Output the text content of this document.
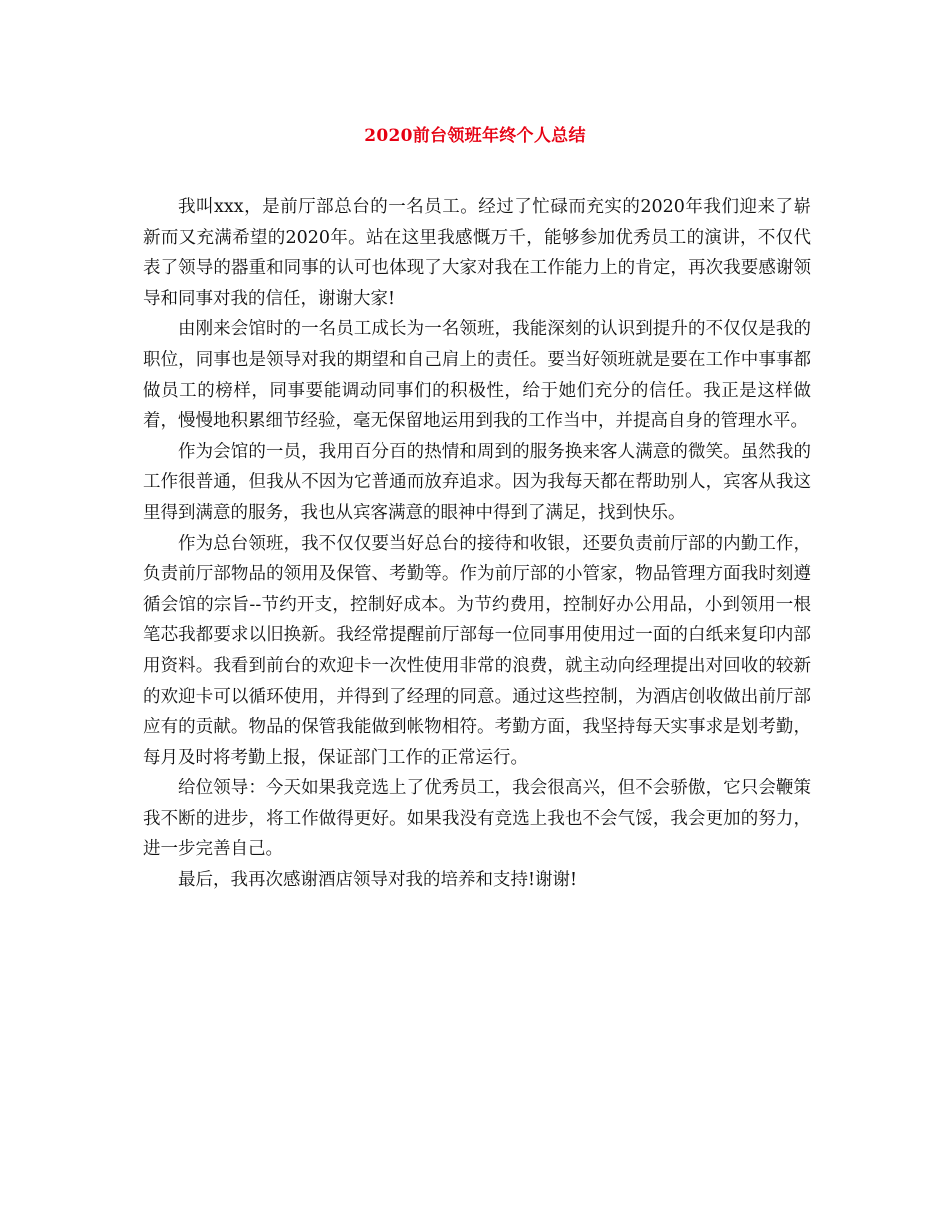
2020前台领班年终个人总结

我叫xxx，是前厅部总台的一名员工。经过了忙碌而充实的2020年我们迎来了崭新而又充满希望的2020年。站在这里我感慨万千，能够参加优秀员工的演讲，不仅代表了领导的器重和同事的认可也体现了大家对我在工作能力上的肯定，再次我要感谢领导和同事对我的信任，谢谢大家!

由刚来会馆时的一名员工成长为一名领班，我能深刻的认识到提升的不仅仅是我的职位，同事也是领导对我的期望和自己肩上的责任。要当好领班就是要在工作中事事都做员工的榜样，同事要能调动同事们的积极性，给于她们充分的信任。我正是这样做着，慢慢地积累细节经验，毫无保留地运用到我的工作当中，并提高自身的管理水平。

作为会馆的一员，我用百分百的热情和周到的服务换来客人满意的微笑。虽然我的工作很普通，但我从不因为它普通而放弃追求。因为我每天都在帮助别人，宾客从我这里得到满意的服务，我也从宾客满意的眼神中得到了满足，找到快乐。

作为总台领班，我不仅仅要当好总台的接待和收银，还要负责前厅部的内勤工作，负责前厅部物品的领用及保管、考勤等。作为前厅部的小管家，物品管理方面我时刻遵循会馆的宗旨--节约开支，控制好成本。为节约费用，控制好办公用品，小到领用一根笔芯我都要求以旧换新。我经常提醒前厅部每一位同事用使用过一面的白纸来复印内部用资料。我看到前台的欢迎卡一次性使用非常的浪费，就主动向经理提出对回收的较新的欢迎卡可以循环使用，并得到了经理的同意。通过这些控制，为酒店创收做出前厅部应有的贡献。物品的保管我能做到帐物相符。考勤方面，我坚持每天实事求是划考勤，每月及时将考勤上报，保证部门工作的正常运行。

给位领导：今天如果我竞选上了优秀员工，我会很高兴，但不会骄傲，它只会鞭策我不断的进步，将工作做得更好。如果我没有竞选上我也不会气馁，我会更加的努力，进一步完善自己。

最后，我再次感谢酒店领导对我的培养和支持!谢谢!
